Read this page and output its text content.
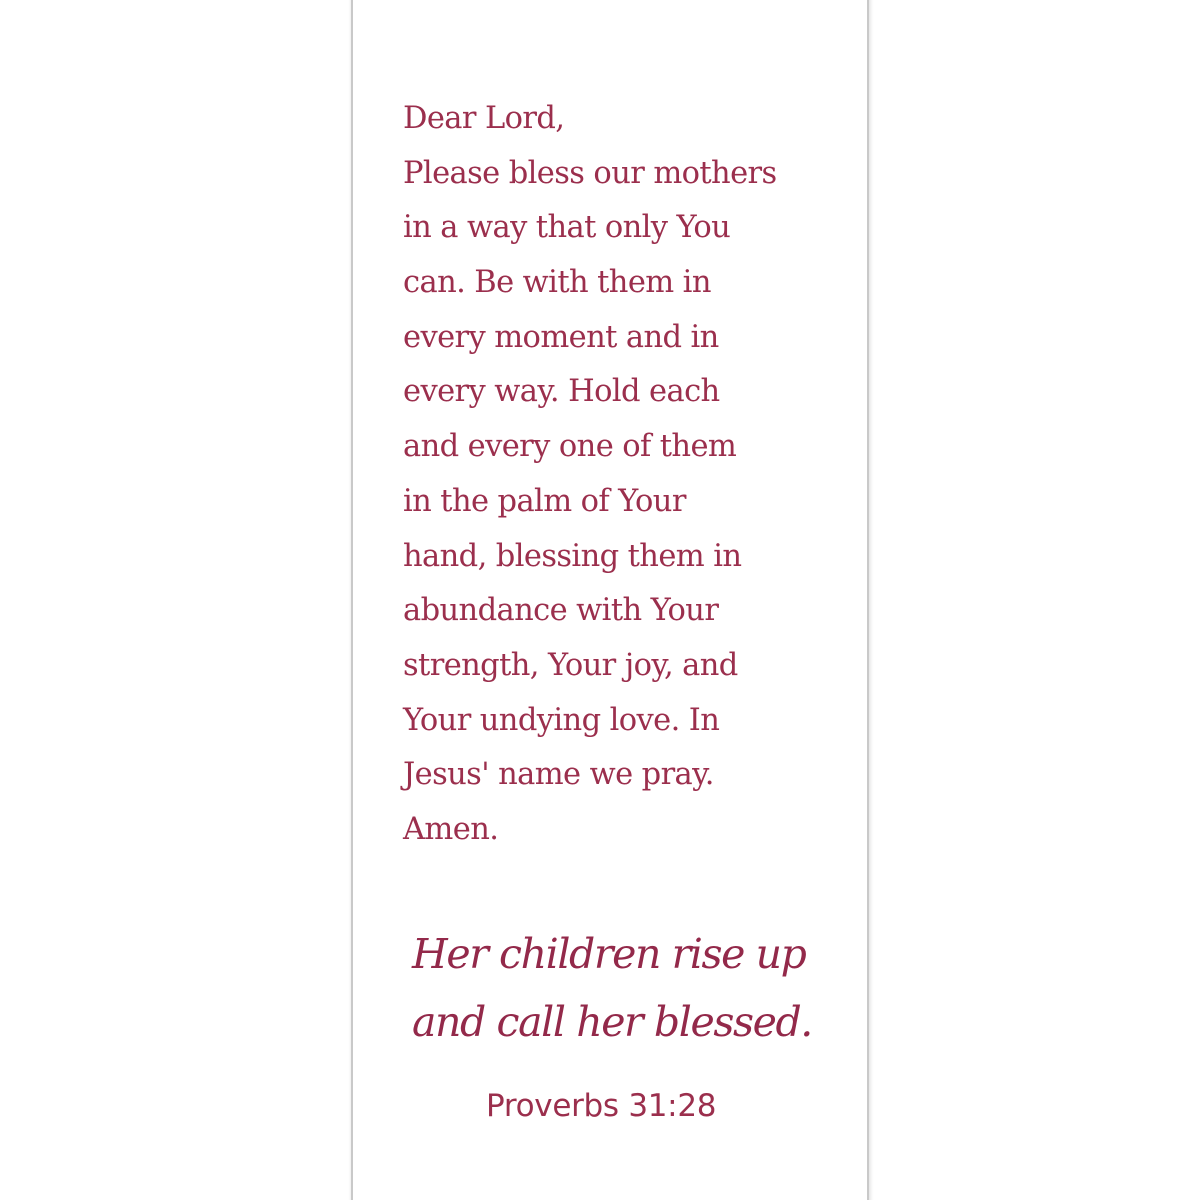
Dear Lord,
Please bless our mothers
in a way that only You
can. Be with them in
every moment and in
every way. Hold each
and every one of them
in the palm of Your
hand, blessing them in
abundance with Your
strength, Your joy, and
Your undying love. In
Jesus' name we pray.
Amen.

Her children rise up

and call her blessed.

Proverbs 31:28
